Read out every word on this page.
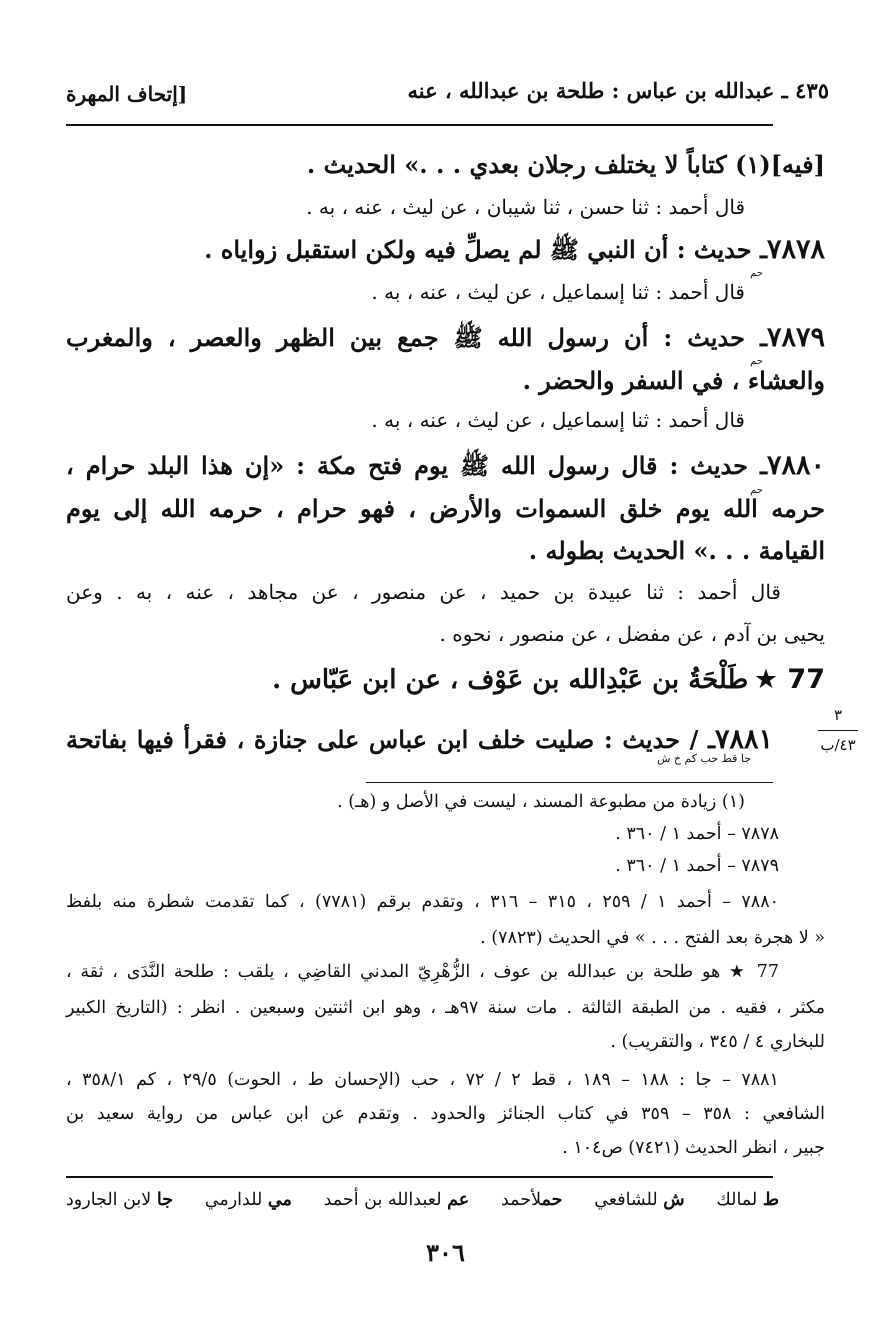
٤٣٥ ـ عبدالله بن عباس : طلحة بن عبدالله ، عنه
[إتحاف المهرة
[فيه](١) كتاباً لا يختلف رجلان بعدي . . .» الحديث .
قال أحمد : ثنا حسن ، ثنا شيبان ، عن ليث ، عنه ، به .
٧٨٧٨ـ حديث : أن النبي ﷺ لم يصلِّ فيه ولكن استقبل زواياه .
حم
قال أحمد : ثنا إسماعيل ، عن ليث ، عنه ، به .
٧٨٧٩ـ حديث : أن رسول الله ﷺ جمع بين الظهر والعصر ، والمغرب
حم
والعشاء ، في السفر والحضر .
قال أحمد : ثنا إسماعيل ، عن ليث ، عنه ، به .
٧٨٨٠ـ حديث : قال رسول الله ﷺ يوم فتح مكة : «إن هذا البلد حرام ،
حم
حرمه الله يوم خلق السموات والأرض ، فهو حرام ، حرمه الله إلى يوم
القيامة . . .» الحديث بطوله .
قال أحمد : ثنا عبيدة بن حميد ، عن منصور ، عن مجاهد ، عنه ، به . وعن
يحيى بن آدم ، عن مفضل ، عن منصور ، نحوه .
77 ★ طَلْحَةُ بن عَبْدِالله بن عَوْف ، عن ابن عَبّاس .
٧٨٨١ـ / حديث : صليت خلف ابن عباس على جنازة ، فقرأ فيها بفاتحة
جا قط حب كم خ ش
٣
٤٣/ب
(١) زيادة من مطبوعة المسند ، ليست في الأصل و (هـ) .
٧٨٧٨ – أحمد ١ / ٣٦٠ .
٧٨٧٩ – أحمد ١ / ٣٦٠ .
٧٨٨٠ – أحمد ١ / ٢٥٩ ، ٣١٥ – ٣١٦ ، وتقدم برقم (٧٧٨١) ، كما تقدمت شطرة منه بلفظ
« لا هجرة بعد الفتح . . . » في الحديث (٧٨٢٣) .
77 ★ هو طلحة بن عبدالله بن عوف ، الزُّهْرِيّ المدني القاضِي ، يلقب : طلحة النَّدَى ، ثقة ،
مكثر ، فقيه . من الطبقة الثالثة . مات سنة ٩٧هـ ، وهو ابن اثنتين وسبعين . انظر : (التاريخ الكبير
للبخاري ٤ / ٣٤٥ ، والتقريب) .
٧٨٨١ – جا : ١٨٨ – ١٨٩ ، قط ٢ / ٧٢ ، حب (الإحسان ط ، الحوت) ٢٩/٥ ، كم ٣٥٨/١ ،
الشافعي : ٣٥٨ – ٣٥٩ في كتاب الجنائز والحدود . وتقدم عن ابن عباس من رواية سعيد بن
جبير ، انظر الحديث (٧٤٢١) ص١٠٤ .
ط لمالك
ش للشافعي
حملأحمد
عم لعبدالله بن أحمد
مي للدارمي
جا لابن الجارود
٣٠٦
